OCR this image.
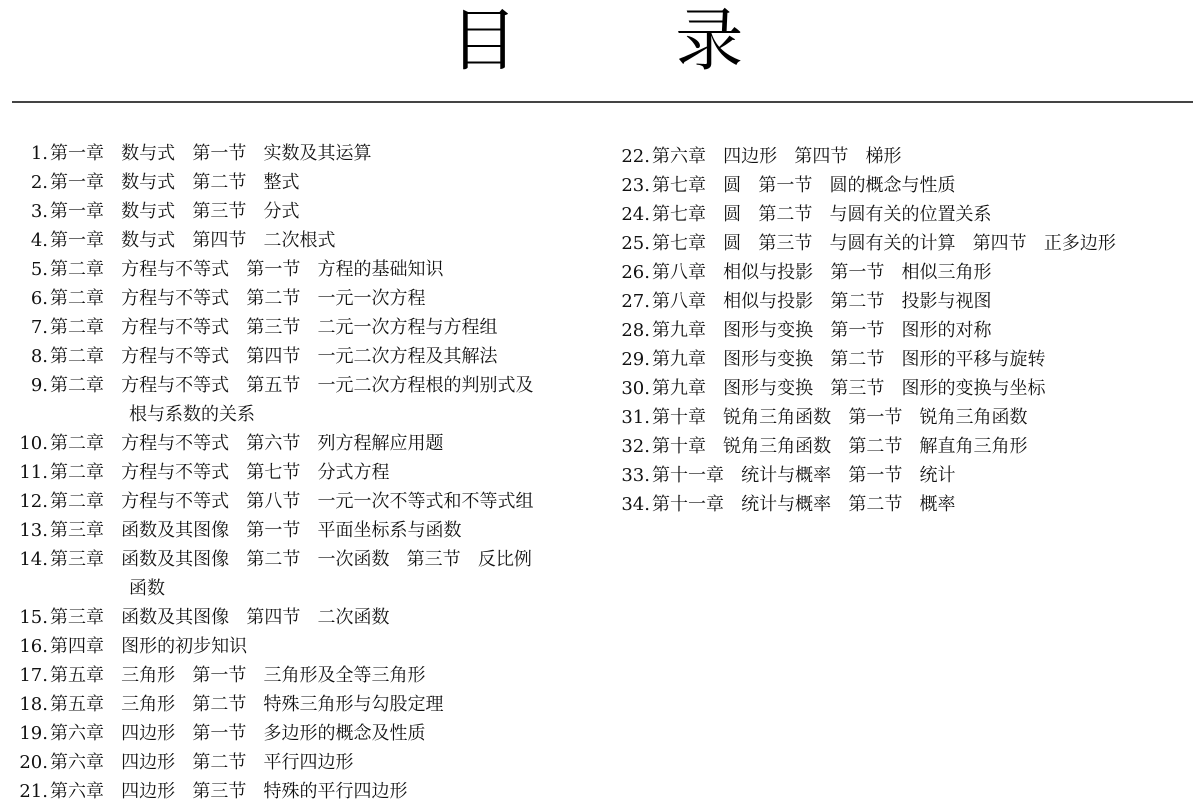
目 录
1. 第一章   数与式   第一节   实数及其运算
2. 第一章   数与式   第二节   整式
3. 第一章   数与式   第三节   分式
4. 第一章   数与式   第四节   二次根式
5. 第二章   方程与不等式   第一节   方程的基础知识
6. 第二章   方程与不等式   第二节   一元一次方程
7. 第二章   方程与不等式   第三节   二元一次方程与方程组
8. 第二章   方程与不等式   第四节   一元二次方程及其解法
9. 第二章   方程与不等式   第五节   一元二次方程根的判别式及
根与系数的关系
10. 第二章   方程与不等式   第六节   列方程解应用题
11. 第二章   方程与不等式   第七节   分式方程
12. 第二章   方程与不等式   第八节   一元一次不等式和不等式组
13. 第三章   函数及其图像   第一节   平面坐标系与函数
14. 第三章   函数及其图像   第二节   一次函数   第三节   反比例
函数
15. 第三章   函数及其图像   第四节   二次函数
16. 第四章   图形的初步知识
17. 第五章   三角形   第一节   三角形及全等三角形
18. 第五章   三角形   第二节   特殊三角形与勾股定理
19. 第六章   四边形   第一节   多边形的概念及性质
20. 第六章   四边形   第二节   平行四边形
21. 第六章   四边形   第三节   特殊的平行四边形
22. 第六章   四边形   第四节   梯形
23. 第七章   圆   第一节   圆的概念与性质
24. 第七章   圆   第二节   与圆有关的位置关系
25. 第七章   圆   第三节   与圆有关的计算   第四节   正多边形
26. 第八章   相似与投影   第一节   相似三角形
27. 第八章   相似与投影   第二节   投影与视图
28. 第九章   图形与变换   第一节   图形的对称
29. 第九章   图形与变换   第二节   图形的平移与旋转
30. 第九章   图形与变换   第三节   图形的变换与坐标
31. 第十章   锐角三角函数   第一节   锐角三角函数
32. 第十章   锐角三角函数   第二节   解直角三角形
33. 第十一章   统计与概率   第一节   统计
34. 第十一章   统计与概率   第二节   概率
